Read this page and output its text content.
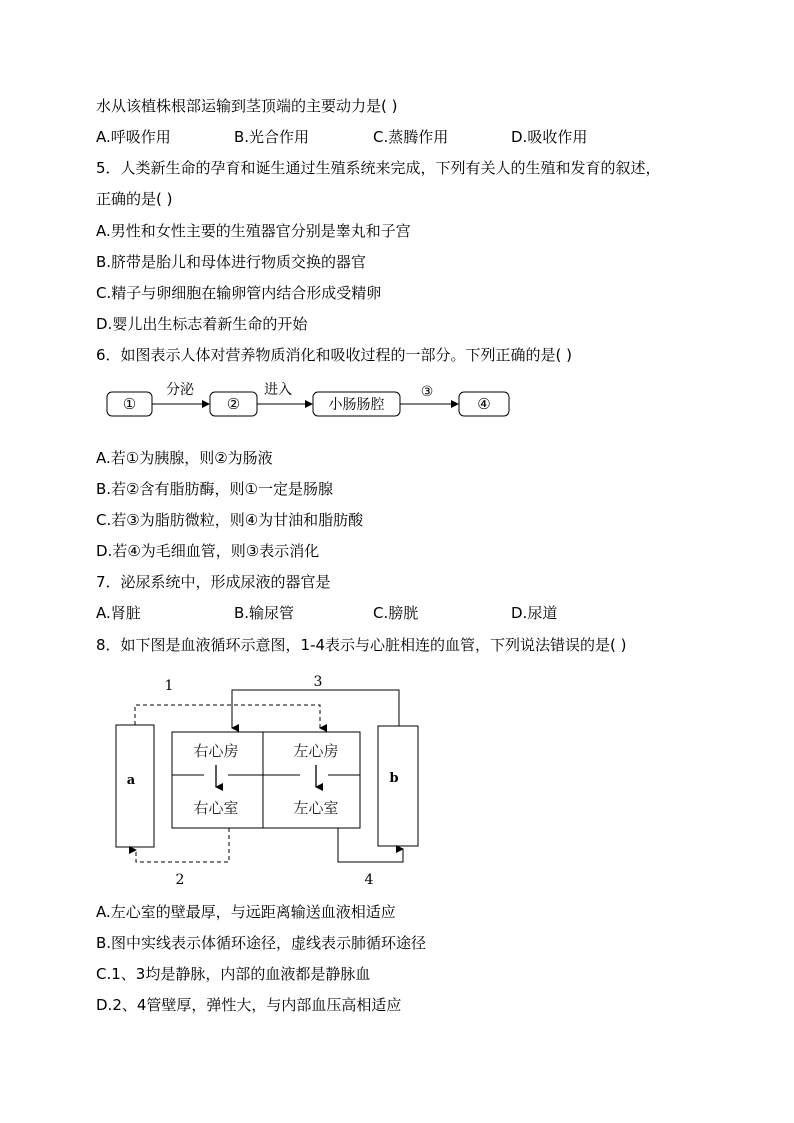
水从该植株根部运输到茎顶端的主要动力是( )
A.呼吸作用	B.光合作用	C.蒸腾作用	D.吸收作用
5．人类新生命的孕育和诞生通过生殖系统来完成，下列有关人的生殖和发育的叙述，
正确的是( )
A.男性和女性主要的生殖器官分别是睾丸和子宫
B.脐带是胎儿和母体进行物质交换的器官
C.精子与卵细胞在输卵管内结合形成受精卵
D.婴儿出生标志着新生命的开始
6．如图表示人体对营养物质消化和吸收过程的一部分。下列正确的是( )
①
分泌
②
进入
小肠肠腔
③
④
A.若①为胰腺，则②为肠液
B.若②含有脂肪酶，则①一定是肠腺
C.若③为脂肪微粒，则④为甘油和脂肪酸
D.若④为毛细血管，则③表示消化
7．泌尿系统中，形成尿液的器官是
A.肾脏	B.输尿管	C.膀胱	D.尿道
8．如下图是血液循环示意图，1-4表示与心脏相连的血管，下列说法错误的是( )
a	b
右心房	左心房
右心室	左心室
1	3
2	4
A.左心室的壁最厚，与远距离输送血液相适应
B.图中实线表示体循环途径，虚线表示肺循环途径
C.1、3均是静脉，内部的血液都是静脉血
D.2、4管壁厚，弹性大，与内部血压高相适应
